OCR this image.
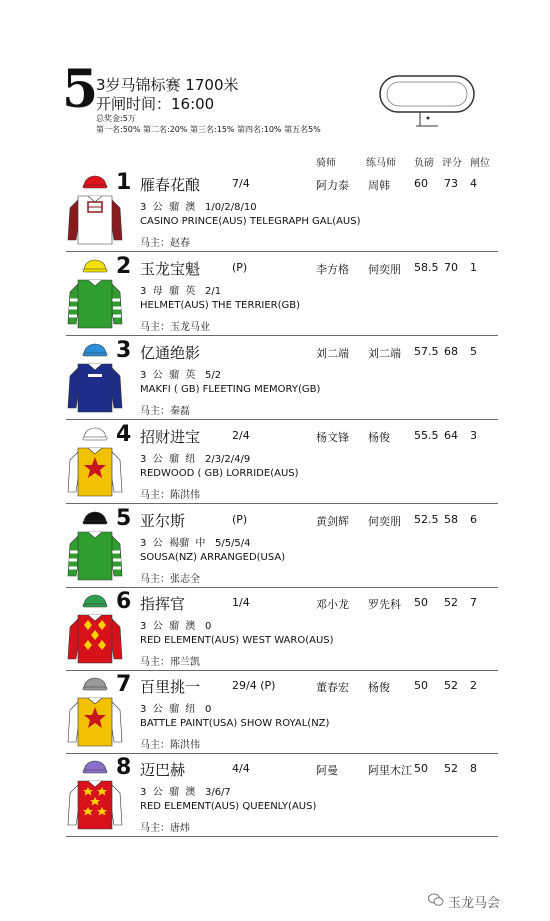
5
3岁马锦标赛 1700米
开闸时间：16:00
总奖金:5万
第一名:50% 第二名:20% 第三名:15% 第四名:10% 第五名5%
骑师	练马师 负磅 评分 闸位
1 雁春花酿	7/4	阿力泰 周韩 60 73 4
3  公  骝  澳   1/0/2/8/10
CASINO PRINCE(AUS) TELEGRAPH GAL(AUS)
马主：赵春
2 玉龙宝魁	(P)	李方格 何奕朋 58.5 70 1
3  母  骝  英   2/1
HELMET(AUS) THE TERRIER(GB)
马主：玉龙马业
3 亿通绝影	刘二端 刘二端 57.5 68 5
3  公  骝  英   5/2
MAKFI ( GB) FLEETING MEMORY(GB)
马主：秦磊
4 招财进宝	2/4	杨文锋 杨俊 55.5 64 3
3  公  骝  纽   2/3/2/4/9
REDWOOD ( GB) LORRIDE(AUS)
马主：陈洪伟
5 亚尔斯	(P)	黄剑辉 何奕朋 52.5 58 6
3  公  褐骝  中   5/5/5/4
SOUSA(NZ) ARRANGED(USA)
马主：张志全
6 指挥官	1/4	邓小龙 罗先科 50 52 7
3  公  骝  澳   0
RED ELEMENT(AUS) WEST WARO(AUS)
马主：邢兰凯
7 百里挑一	29/4 (P)	董春宏 杨俊 50 52 2
3  公  骝  纽   0
BATTLE PAINT(USA) SHOW ROYAL(NZ)
马主：陈洪伟
8 迈巴赫	4/4	阿曼	阿里木江 50 52 8
3  公  骝  澳   3/6/7
RED ELEMENT(AUS) QUEENLY(AUS)
马主：唐炜
玉龙马会
